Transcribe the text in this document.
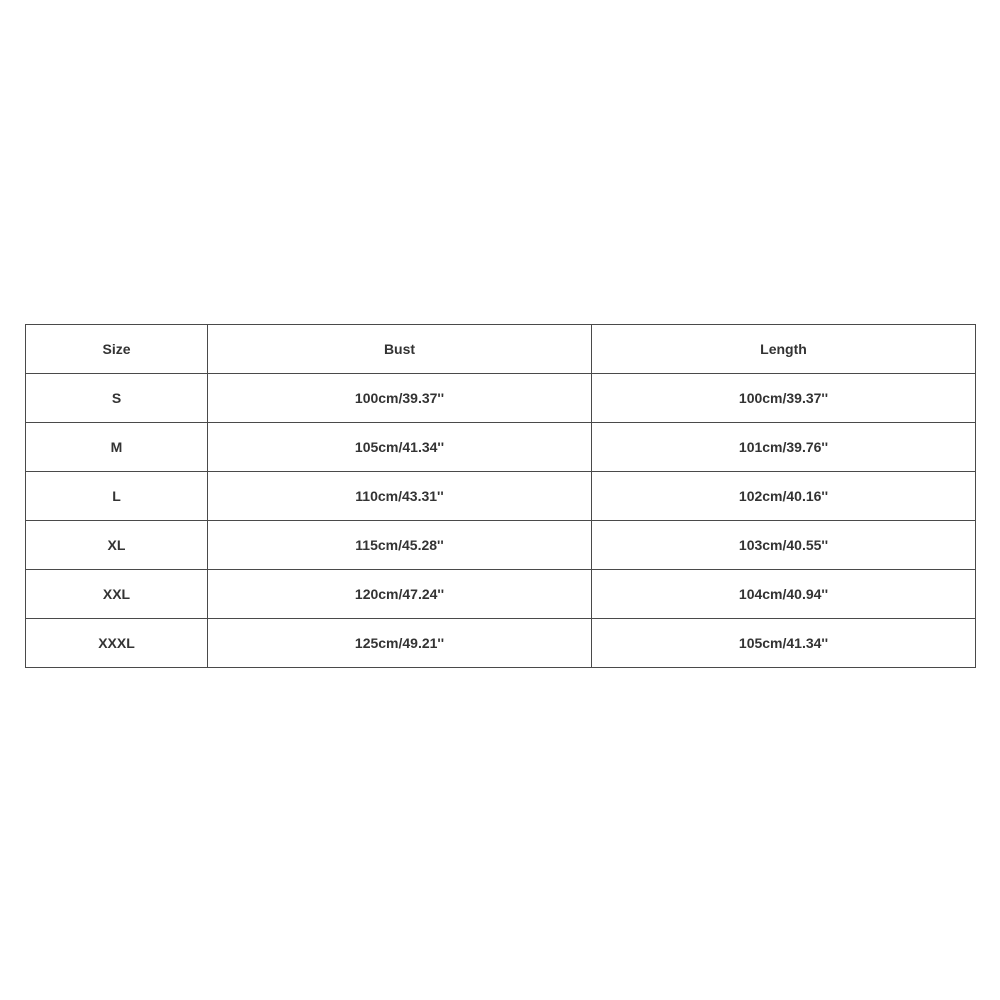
Size	Bust	Length
S	100cm/39.37''	100cm/39.37''
M	105cm/41.34''	101cm/39.76''
L	110cm/43.31''	102cm/40.16''
XL	115cm/45.28''	103cm/40.55''
XXL	120cm/47.24''	104cm/40.94''
XXXL	125cm/49.21''	105cm/41.34''
